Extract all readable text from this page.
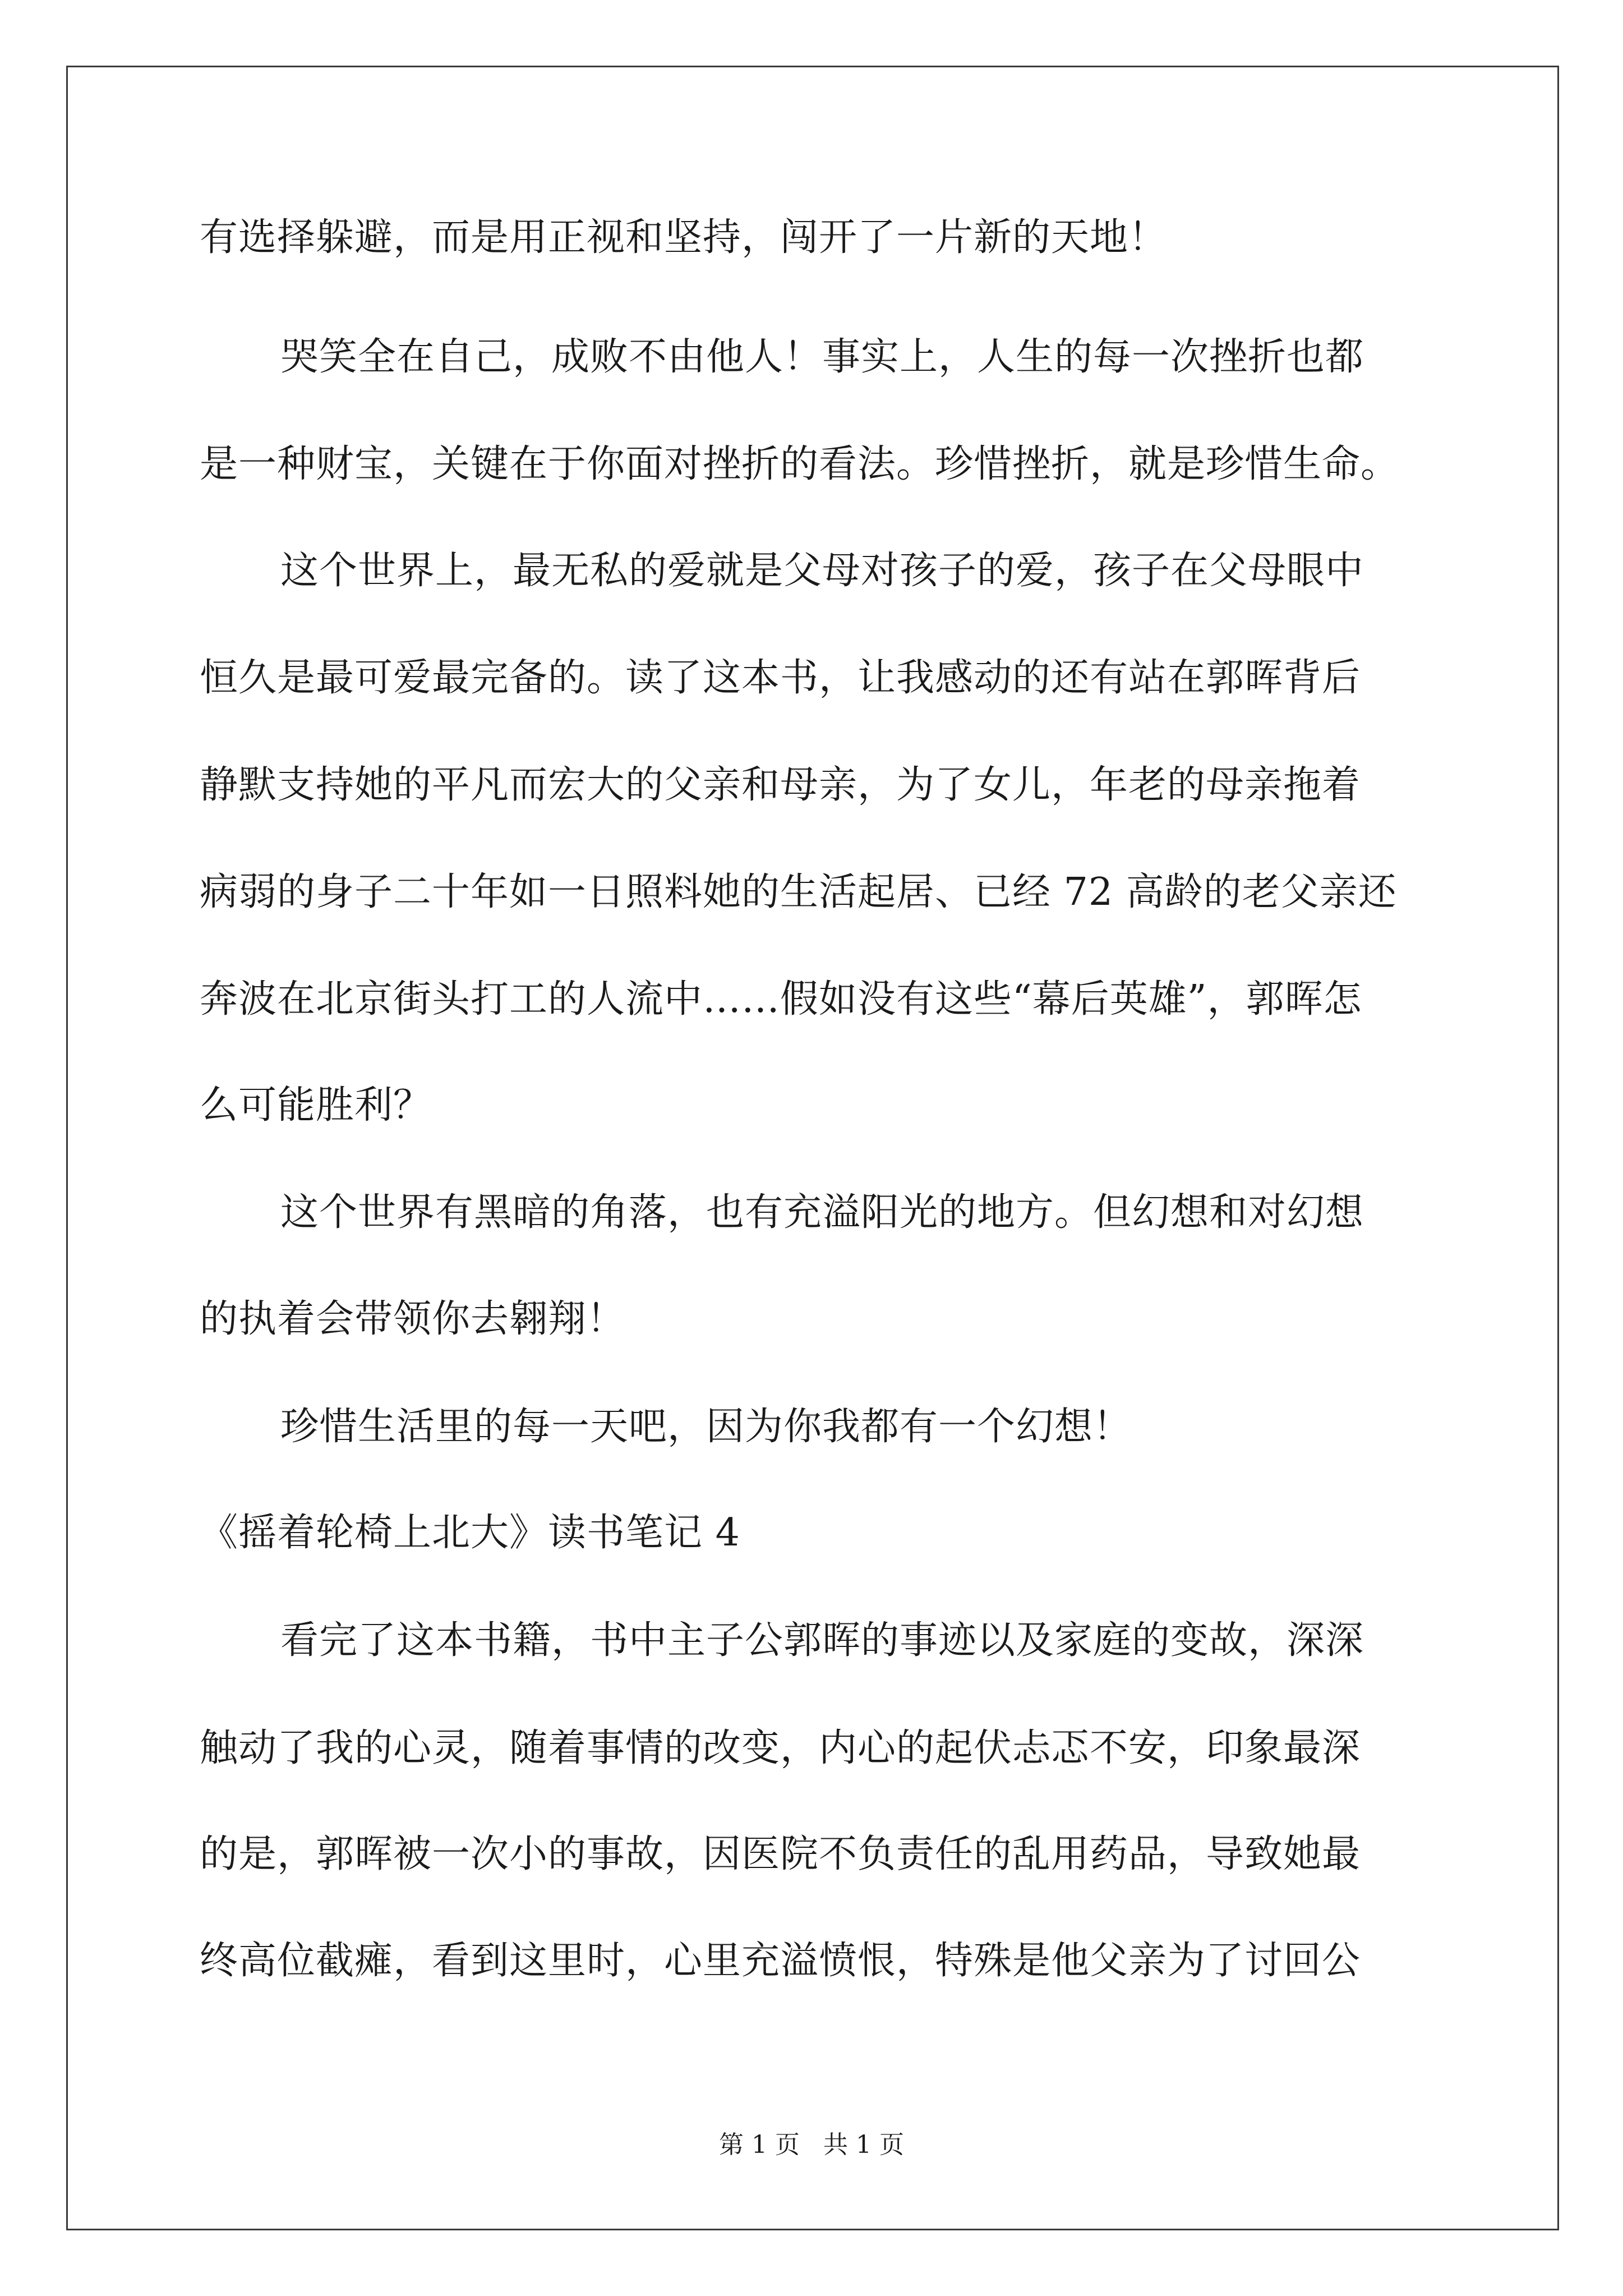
有选择躲避，而是用正视和坚持，闯开了一片新的天地！
哭笑全在自己，成败不由他人！事实上，人生的每一次挫折也都
是一种财宝，关键在于你面对挫折的看法。珍惜挫折，就是珍惜生命。
这个世界上，最无私的爱就是父母对孩子的爱，孩子在父母眼中
恒久是最可爱最完备的。读了这本书，让我感动的还有站在郭晖背后
静默支持她的平凡而宏大的父亲和母亲，为了女儿，年老的母亲拖着
病弱的身子二十年如一日照料她的生活起居、已经 72 高龄的老父亲还
奔波在北京街头打工的人流中……假如没有这些“幕后英雄”，郭晖怎
么可能胜利？
这个世界有黑暗的角落，也有充溢阳光的地方。但幻想和对幻想
的执着会带领你去翱翔！
珍惜生活里的每一天吧，因为你我都有一个幻想！
《摇着轮椅上北大》读书笔记 4
看完了这本书籍，书中主子公郭晖的事迹以及家庭的变故，深深
触动了我的心灵，随着事情的改变，内心的起伏忐忑不安，印象最深
的是，郭晖被一次小的事故，因医院不负责任的乱用药品，导致她最
终高位截瘫，看到这里时，心里充溢愤恨，特殊是他父亲为了讨回公
第 1 页   共 1 页
